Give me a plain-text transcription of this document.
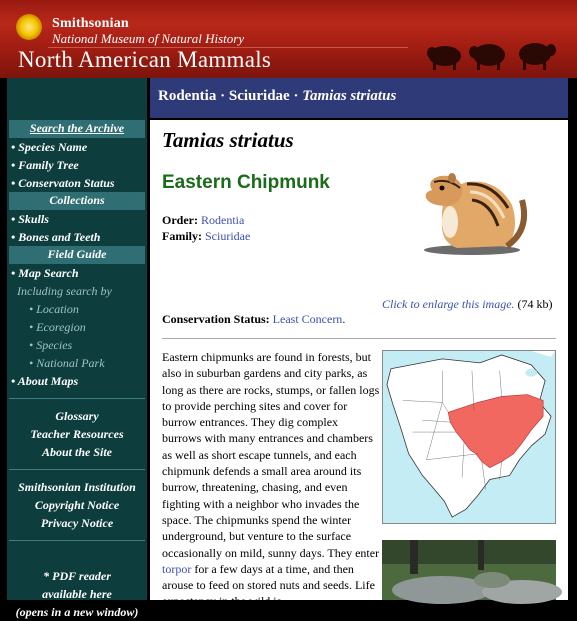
Smithsonian
National Museum of Natural History
North American Mammals
Search the Archive
• Species Name
• Family Tree
• Conservaton Status
Collections
• Skulls
• Bones and Teeth
Field Guide
• Map Search
Including search by
• Location
• Ecoregion
• Species
• National Park
• About Maps
Glossary
Teacher Resources
About the Site
Smithsonian Institution
Copyright Notice
Privacy Notice
* PDF reader
available here
(opens in a new window)
Rodentia · Sciuridae · Tamias striatus
Tamias striatus
Eastern Chipmunk
Order: Rodentia
Family: Sciuridae
Click to enlarge this image. (74 kb)
Conservation Status: Least Concern.
Eastern chipmunks are found in forests, but also in suburban gardens and city parks, as long as there are rocks, stumps, or fallen logs to provide perching sites and cover for burrow entrances. They dig complex burrows with many entrances and chambers as well as short escape tunnels, and each chipmunk defends a small area around its burrow, threatening, chasing, and even fighting with a neighbor who invades the space. The chipmunks spend the winter underground, but venture to the surface occasionally on mild, sunny days. They enter torpor for a few days at a time, and then arouse to feed on stored nuts and seeds. Life expectancy in the wild is
